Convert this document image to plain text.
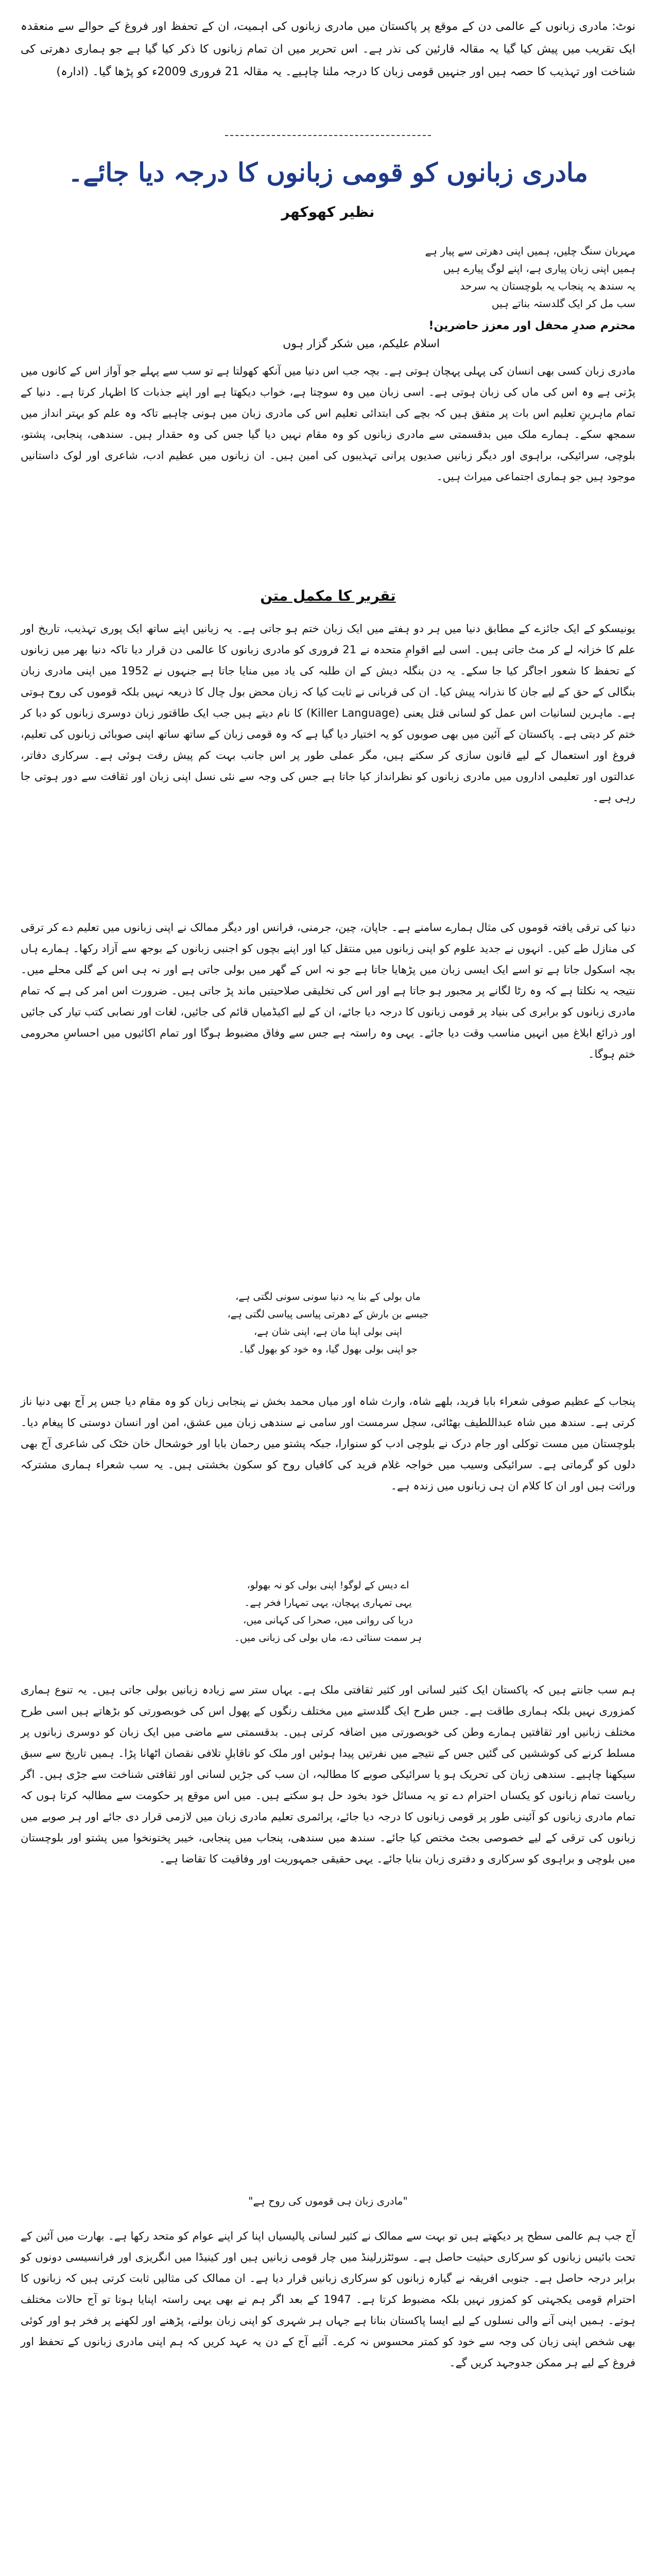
نوٹ: مادری زبانوں کے عالمی دن کے موقع پر پاکستان میں مادری زبانوں کی اہمیت، ان کے تحفظ اور فروغ کے حوالے سے منعقدہ ایک تقریب میں پیش کیا گیا یہ مقالہ قارئین کی نذر ہے۔ اس تحریر میں ان تمام زبانوں کا ذکر کیا گیا ہے جو ہماری دھرتی کی شناخت اور تہذیب کا حصہ ہیں اور جنہیں قومی زبان کا درجہ ملنا چاہیے۔ یہ مقالہ 21 فروری 2009ء کو پڑھا گیا۔ (ادارہ)
مادری زبانوں کو قومی زبانوں کا درجہ دیا جائے۔
نظیر کھوکھر
مہربان سنگ چلیں، ہمیں اپنی دھرتی سے پیار ہے
ہمیں اپنی زبان پیاری ہے، اپنے لوگ پیارے ہیں
یہ سندھ یہ پنجاب یہ بلوچستان یہ سرحد
سب مل کر ایک گلدستہ بناتے ہیں
محترم صدرِ محفل اور معزز حاضرین!
اسلام علیکم، میں شکر گزار ہوں

مادری زبان کسی بھی انسان کی پہلی پہچان ہوتی ہے۔ بچہ جب اس دنیا میں آنکھ کھولتا ہے تو سب سے پہلے جو آواز اس کے کانوں میں پڑتی ہے وہ اس کی ماں کی زبان ہوتی ہے۔ اسی زبان میں وہ سوچتا ہے، خواب دیکھتا ہے اور اپنے جذبات کا اظہار کرتا ہے۔ دنیا کے تمام ماہرینِ تعلیم اس بات پر متفق ہیں کہ بچے کی ابتدائی تعلیم اس کی مادری زبان میں ہونی چاہیے تاکہ وہ علم کو بہتر انداز میں سمجھ سکے۔ ہمارے ملک میں بدقسمتی سے مادری زبانوں کو وہ مقام نہیں دیا گیا جس کی وہ حقدار ہیں۔ سندھی، پنجابی، پشتو، بلوچی، سرائیکی، براہوی اور دیگر زبانیں صدیوں پرانی تہذیبوں کی امین ہیں۔ ان زبانوں میں عظیم ادب، شاعری اور لوک داستانیں موجود ہیں جو ہماری اجتماعی میراث ہیں۔

تقریر کا مکمل متن

یونیسکو کے ایک جائزے کے مطابق دنیا میں ہر دو ہفتے میں ایک زبان ختم ہو جاتی ہے۔ یہ زبانیں اپنے ساتھ ایک پوری تہذیب، تاریخ اور علم کا خزانہ لے کر مٹ جاتی ہیں۔ اسی لیے اقوامِ متحدہ نے 21 فروری کو مادری زبانوں کا عالمی دن قرار دیا تاکہ دنیا بھر میں زبانوں کے تحفظ کا شعور اجاگر کیا جا سکے۔ یہ دن بنگلہ دیش کے ان طلبہ کی یاد میں منایا جاتا ہے جنہوں نے 1952 میں اپنی مادری زبان بنگالی کے حق کے لیے جان کا نذرانہ پیش کیا۔ ان کی قربانی نے ثابت کیا کہ زبان محض بول چال کا ذریعہ نہیں بلکہ قوموں کی روح ہوتی ہے۔ ماہرین لسانیات اس عمل کو لسانی قتل یعنی (Killer Language) کا نام دیتے ہیں جب ایک طاقتور زبان دوسری زبانوں کو دبا کر ختم کر دیتی ہے۔ پاکستان کے آئین میں بھی صوبوں کو یہ اختیار دیا گیا ہے کہ وہ قومی زبان کے ساتھ ساتھ اپنی صوبائی زبانوں کی تعلیم، فروغ اور استعمال کے لیے قانون سازی کر سکتے ہیں، مگر عملی طور پر اس جانب بہت کم پیش رفت ہوئی ہے۔ سرکاری دفاتر، عدالتوں اور تعلیمی اداروں میں مادری زبانوں کو نظرانداز کیا جاتا ہے جس کی وجہ سے نئی نسل اپنی زبان اور ثقافت سے دور ہوتی جا رہی ہے۔

دنیا کی ترقی یافتہ قوموں کی مثال ہمارے سامنے ہے۔ جاپان، چین، جرمنی، فرانس اور دیگر ممالک نے اپنی زبانوں میں تعلیم دے کر ترقی کی منازل طے کیں۔ انہوں نے جدید علوم کو اپنی زبانوں میں منتقل کیا اور اپنے بچوں کو اجنبی زبانوں کے بوجھ سے آزاد رکھا۔ ہمارے ہاں بچہ اسکول جاتا ہے تو اسے ایک ایسی زبان میں پڑھایا جاتا ہے جو نہ اس کے گھر میں بولی جاتی ہے اور نہ ہی اس کے گلی محلے میں۔ نتیجہ یہ نکلتا ہے کہ وہ رٹا لگانے پر مجبور ہو جاتا ہے اور اس کی تخلیقی صلاحیتیں ماند پڑ جاتی ہیں۔ ضرورت اس امر کی ہے کہ تمام مادری زبانوں کو برابری کی بنیاد پر قومی زبانوں کا درجہ دیا جائے، ان کے لیے اکیڈمیاں قائم کی جائیں، لغات اور نصابی کتب تیار کی جائیں اور ذرائع ابلاغ میں انہیں مناسب وقت دیا جائے۔ یہی وہ راستہ ہے جس سے وفاق مضبوط ہوگا اور تمام اکائیوں میں احساسِ محرومی ختم ہوگا۔

ماں بولی کے بنا یہ دنیا سونی سونی لگتی ہے،
جیسے بن بارش کے دھرتی پیاسی پیاسی لگتی ہے،
اپنی بولی اپنا مان ہے، اپنی شان ہے،
جو اپنی بولی بھول گیا، وہ خود کو بھول گیا۔

پنجاب کے عظیم صوفی شعراء بابا فرید، بلھے شاہ، وارث شاہ اور میاں محمد بخش نے پنجابی زبان کو وہ مقام دیا جس پر آج بھی دنیا ناز کرتی ہے۔ سندھ میں شاہ عبداللطیف بھٹائی، سچل سرمست اور سامی نے سندھی زبان میں عشق، امن اور انسان دوستی کا پیغام دیا۔ بلوچستان میں مست توکلی اور جام درک نے بلوچی ادب کو سنوارا، جبکہ پشتو میں رحمان بابا اور خوشحال خان خٹک کی شاعری آج بھی دلوں کو گرماتی ہے۔ سرائیکی وسیب میں خواجہ غلام فرید کی کافیاں روح کو سکون بخشتی ہیں۔ یہ سب شعراء ہماری مشترکہ وراثت ہیں اور ان کا کلام ان ہی زبانوں میں زندہ ہے۔

اے دیس کے لوگو! اپنی بولی کو نہ بھولو،
یہی تمہاری پہچان، یہی تمہارا فخر ہے۔
دریا کی روانی میں، صحرا کی کہانی میں،
ہر سمت سنائی دے، ماں بولی کی زبانی میں۔

ہم سب جانتے ہیں کہ پاکستان ایک کثیر لسانی اور کثیر ثقافتی ملک ہے۔ یہاں ستر سے زیادہ زبانیں بولی جاتی ہیں۔ یہ تنوع ہماری کمزوری نہیں بلکہ ہماری طاقت ہے۔ جس طرح ایک گلدستے میں مختلف رنگوں کے پھول اس کی خوبصورتی کو بڑھاتے ہیں اسی طرح مختلف زبانیں اور ثقافتیں ہمارے وطن کی خوبصورتی میں اضافہ کرتی ہیں۔ بدقسمتی سے ماضی میں ایک زبان کو دوسری زبانوں پر مسلط کرنے کی کوششیں کی گئیں جس کے نتیجے میں نفرتیں پیدا ہوئیں اور ملک کو ناقابلِ تلافی نقصان اٹھانا پڑا۔ ہمیں تاریخ سے سبق سیکھنا چاہیے۔ سندھی زبان کی تحریک ہو یا سرائیکی صوبے کا مطالبہ، ان سب کی جڑیں لسانی اور ثقافتی شناخت سے جڑی ہیں۔ اگر ریاست تمام زبانوں کو یکساں احترام دے تو یہ مسائل خود بخود حل ہو سکتے ہیں۔ میں اس موقع پر حکومت سے مطالبہ کرتا ہوں کہ تمام مادری زبانوں کو آئینی طور پر قومی زبانوں کا درجہ دیا جائے، پرائمری تعلیم مادری زبان میں لازمی قرار دی جائے اور ہر صوبے میں زبانوں کی ترقی کے لیے خصوصی بجٹ مختص کیا جائے۔ سندھ میں سندھی، پنجاب میں پنجابی، خیبر پختونخوا میں پشتو اور بلوچستان میں بلوچی و براہوی کو سرکاری و دفتری زبان بنایا جائے۔ یہی حقیقی جمہوریت اور وفاقیت کا تقاضا ہے۔

"مادری زبان ہی قوموں کی روح ہے"

آج جب ہم عالمی سطح پر دیکھتے ہیں تو بہت سے ممالک نے کثیر لسانی پالیسیاں اپنا کر اپنے عوام کو متحد رکھا ہے۔ بھارت میں آئین کے تحت بائیس زبانوں کو سرکاری حیثیت حاصل ہے۔ سوئٹزرلینڈ میں چار قومی زبانیں ہیں اور کینیڈا میں انگریزی اور فرانسیسی دونوں کو برابر درجہ حاصل ہے۔ جنوبی افریقہ نے گیارہ زبانوں کو سرکاری زبانیں قرار دیا ہے۔ ان ممالک کی مثالیں ثابت کرتی ہیں کہ زبانوں کا احترام قومی یکجہتی کو کمزور نہیں بلکہ مضبوط کرتا ہے۔ 1947 کے بعد اگر ہم نے بھی یہی راستہ اپنایا ہوتا تو آج حالات مختلف ہوتے۔ ہمیں اپنی آنے والی نسلوں کے لیے ایسا پاکستان بنانا ہے جہاں ہر شہری کو اپنی زبان بولنے، پڑھنے اور لکھنے پر فخر ہو اور کوئی بھی شخص اپنی زبان کی وجہ سے خود کو کمتر محسوس نہ کرے۔ آئیے آج کے دن یہ عہد کریں کہ ہم اپنی مادری زبانوں کے تحفظ اور فروغ کے لیے ہر ممکن جدوجہد کریں گے۔
